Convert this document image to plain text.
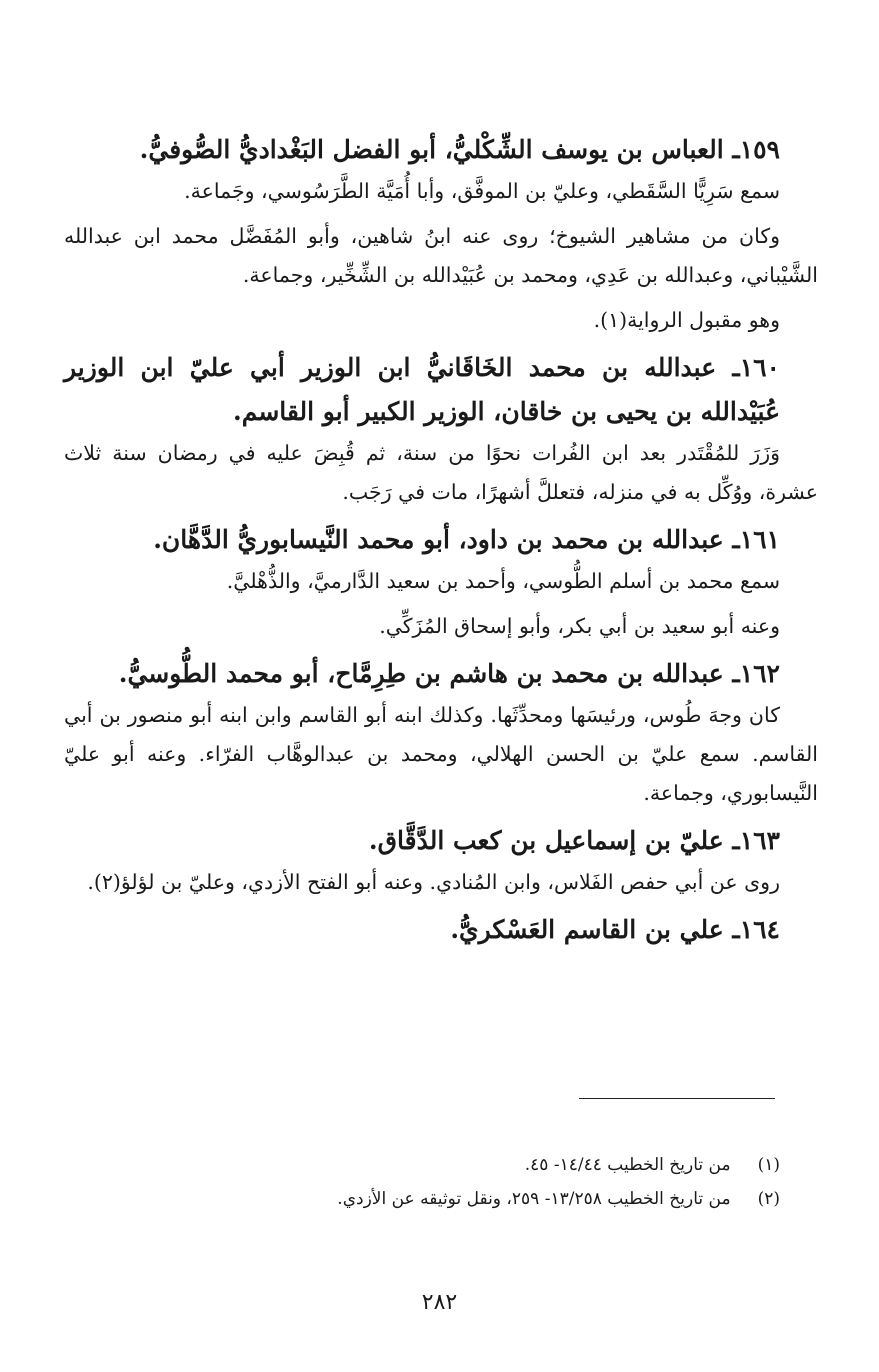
١٥٩ـ العباس بن يوسف الشِّكْليُّ، أبو الفضل البَغْداديُّ الصُّوفيُّ.

سمع سَرِيًّا السَّقَطي، وعليّ بن الموفَّق، وأبا أُمَيَّة الطَّرَسُوسي، وجَماعة.

وكان من مشاهير الشيوخ؛ روى عنه ابنُ شاهين، وأبو المُفَضَّل محمد ابن عبدالله الشَّيْباني، وعبدالله بن عَدِي، ومحمد بن عُبَيْدالله بن الشِّخِّير، وجماعة.

وهو مقبول الرواية(١).

١٦٠ـ عبدالله بن محمد الخَاقَانيُّ ابن الوزير أبي عليّ ابن الوزير عُبَيْدالله بن يحيى بن خاقان، الوزير الكبير أبو القاسم.

وَزَرَ للمُقْتَدر بعد ابن الفُرات نحوًا من سنة، ثم قُبِضَ عليه في رمضان سنة ثلاث عشرة، ووُكِّل به في منزله، فتعللَّ أشهرًا، مات في رَجَب.

١٦١ـ عبدالله بن محمد بن داود، أبو محمد النَّيسابوريُّ الدَّهَّان.

سمع محمد بن أسلم الطُّوسي، وأحمد بن سعيد الدَّارميَّ، والذُّهْليَّ.

وعنه أبو سعيد بن أبي بكر، وأبو إسحاق المُزَكِّي.

١٦٢ـ عبدالله بن محمد بن هاشم بن طِرِمَّاح، أبو محمد الطُّوسيُّ.

كان وجهَ طُوس، ورئيسَها ومحدِّثَها. وكذلك ابنه أبو القاسم وابن ابنه أبو منصور بن أبي القاسم. سمع عليّ بن الحسن الهلالي، ومحمد بن عبدالوهَّاب الفرّاء. وعنه أبو عليّ النَّيسابوري، وجماعة.

١٦٣ـ عليّ بن إسماعيل بن كعب الدَّقَّاق.

روى عن أبي حفص الفَلاس، وابن المُنادي. وعنه أبو الفتح الأزدي، وعليّ بن لؤلؤ(٢).

١٦٤ـ علي بن القاسم العَسْكريُّ.

(١) من تاريخ الخطيب ١٤/٤٤- ٤٥.

(٢) من تاريخ الخطيب ١٣/٢٥٨- ٢٥٩، ونقل توثيقه عن الأزدي.

٢٨٢
